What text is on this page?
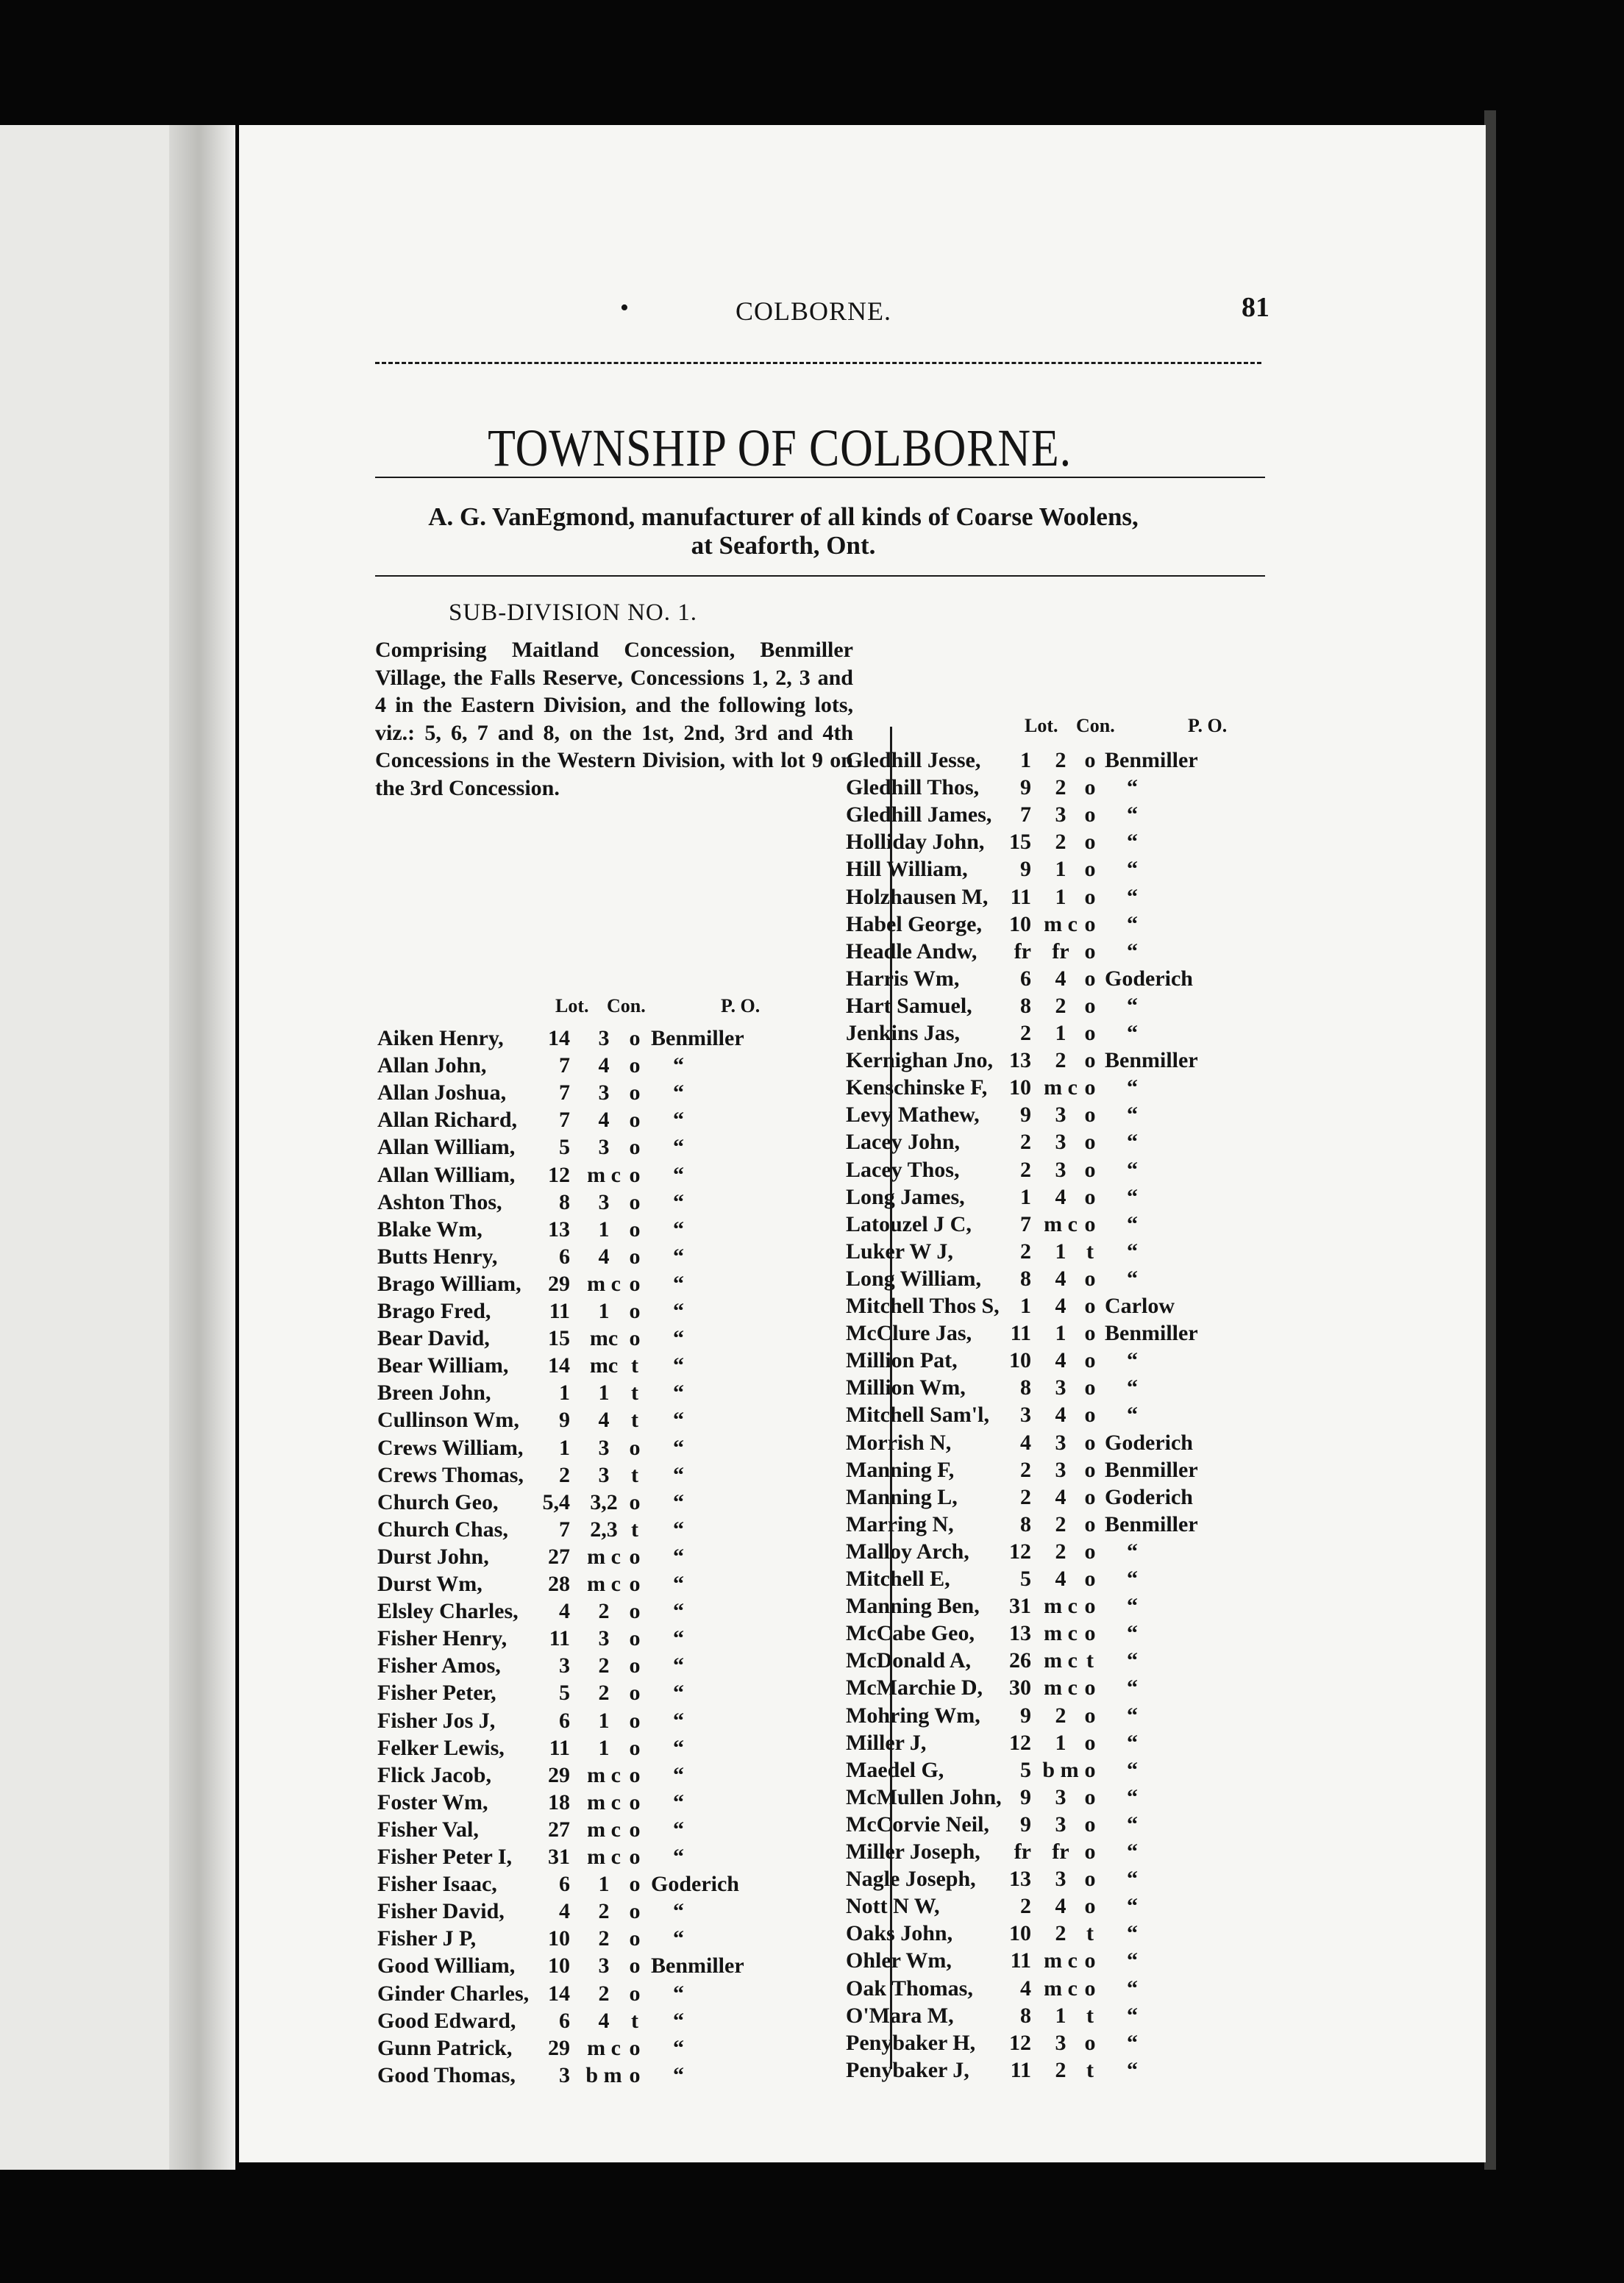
•	COLBORNE.	81
TOWNSHIP OF COLBORNE.
A. G. VanEgmond, manufacturer of all kinds of Coarse Woolens,
at Seaforth, Ont.
SUB-DIVISION NO. 1.
Comprising Maitland Concession, Benmiller Village, the Falls Reserve, Concessions 1, 2, 3 and 4 in the Eastern Division, and the following lots, viz.: 5, 6, 7 and 8, on the 1st, 2nd, 3rd and 4th Concessions in the Western Division, with lot 9 on the 3rd Concession.
Lot. Con.	P. O.
Lot. Con.	P. O.
Aiken Henry,	14	3 o Benmiller
Allan John,	7	4 o	“
Allan Joshua,	7	3 o	“
Allan Richard,	7	4 o	“
Allan William,	5	3 o	“
Allan William,	12 m c o	“
Ashton Thos,	8	3 o	“
Blake Wm,	13	1 o	“
Butts Henry,	6	4 o	“
Brago William,	29 m c o	“
Brago Fred,	11	1 o	“
Bear David,	15 mc o	“
Bear William,	14 mc t	“
Breen John,	1	1 t	“
Cullinson Wm,	9	4 t	“
Crews William,	1	3 o	“
Crews Thomas,	2	3 t	“
Church Geo,	5,4 3,2 o	“
Church Chas,	7 2,3 t	“
Durst John,	27 m c o	“
Durst Wm,	28 m c o	“
Elsley Charles,	4	2 o	“
Fisher Henry,	11	3 o	“
Fisher Amos,	3	2 o	“
Fisher Peter,	5	2 o	“
Fisher Jos J,	6	1 o	“
Felker Lewis,	11	1 o	“
Flick Jacob,	29 m c o	“
Foster Wm,	18 m c o	“
Fisher Val,	27 m c o	“
Fisher Peter I,	31 m c o	“
Fisher Isaac,	6	1 o Goderich
Fisher David,	4	2 o	“
Fisher J P,	10	2 o	“
Good William,	10	3 o Benmiller
Ginder Charles, 14	2 o	“
Good Edward,	6	4 t	“
Gunn Patrick,	29 m c o	“
Good Thomas,	3 b m o	“
Gledhill Jesse,	1	2 o Benmiller
Gledhill Thos,	9	2 o	“
Gledhill James,	7	3 o	“
Holliday John,	15	2 o	“
Hill William,	9	1 o	“
Holzhausen M,	11	1 o	“
Habel George,	10 m c o	“
Headle Andw,	fr fr o	“
Harris Wm,	6	4 o Goderich
Hart Samuel,	8	2 o	“
Jenkins Jas,	2	1 o	“
Kernighan Jno, 13	2 o Benmiller
Kenschinske F, 10 m c o	“
Levy Mathew,	9	3 o	“
Lacey John,	2	3 o	“
Lacey Thos,	2	3 o	“
Long James,	1	4 o	“
Latouzel J C,	7 m c o	“
Luker W J,	2	1 t	“
Long William,	8	4 o	“
Mitchell Thos S, 1	4 o Carlow
McClure Jas,	11	1 o Benmiller
Million Pat,	10	4 o	“
Million Wm,	8	3 o	“
Mitchell Sam'l,	3	4 o	“
Morrish N,	4	3 o Goderich
Manning F,	2	3 o Benmiller
Manning L,	2	4 o Goderich
Marring N,	8	2 o Benmiller
Malloy Arch,	12	2 o	“
Mitchell E,	5	4 o	“
Manning Ben,	31 m c o	“
McCabe Geo,	13 m c o	“
McDonald A,	26 m c t	“
McMarchie D,	30 m c o	“
Mohring Wm,	9	2 o	“
Miller J,	12	1 o	“
Maedel G,	5 b m o	“
McMullen John, 9	3 o	“
McCorvie Neil,	9	3 o	“
Miller Joseph,	fr fr o	“
Nagle Joseph,	13	3 o	“
Nott N W,	2	4 o	“
Oaks John,	10	2 t	“
Ohler Wm,	11 m c o	“
Oak Thomas,	4 m c o	“
O'Mara M,	8	1 t	“
Penybaker H,	12	3 o	“
Penybaker J,	11	2 t	“
